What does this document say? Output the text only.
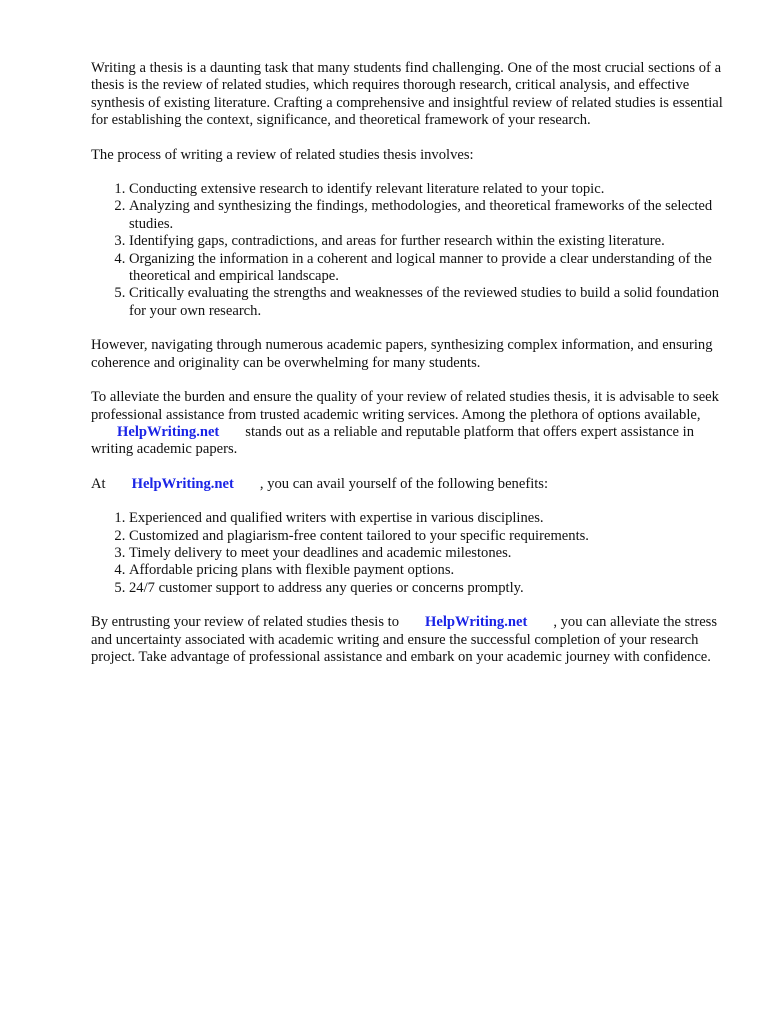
Writing a thesis is a daunting task that many students find challenging. One of the most crucial sections of a thesis is the review of related studies, which requires thorough research, critical analysis, and effective synthesis of existing literature. Crafting a comprehensive and insightful review of related studies is essential for establishing the context, significance, and theoretical framework of your research.

The process of writing a review of related studies thesis involves:

1. Conducting extensive research to identify relevant literature related to your topic.
2. Analyzing and synthesizing the findings, methodologies, and theoretical frameworks of the selected studies.
3. Identifying gaps, contradictions, and areas for further research within the existing literature.
4. Organizing the information in a coherent and logical manner to provide a clear understanding of the theoretical and empirical landscape.
5. Critically evaluating the strengths and weaknesses of the reviewed studies to build a solid foundation for your own research.

However, navigating through numerous academic papers, synthesizing complex information, and ensuring coherence and originality can be overwhelming for many students.

To alleviate the burden and ensure the quality of your review of related studies thesis, it is advisable to seek professional assistance from trusted academic writing services. Among the plethora of options available,HelpWriting.net stands out as a reliable and reputable platform that offers expert assistance in writing academic papers.

At HelpWriting.net , you can avail yourself of the following benefits:

1. Experienced and qualified writers with expertise in various disciplines.
2. Customized and plagiarism-free content tailored to your specific requirements.
3. Timely delivery to meet your deadlines and academic milestones.
4. Affordable pricing plans with flexible payment options.
5. 24/7 customer support to address any queries or concerns promptly.

By entrusting your review of related studies thesis to HelpWriting.net , you can alleviate the stress and uncertainty associated with academic writing and ensure the successful completion of your research project. Take advantage of professional assistance and embark on your academic journey with confidence.
